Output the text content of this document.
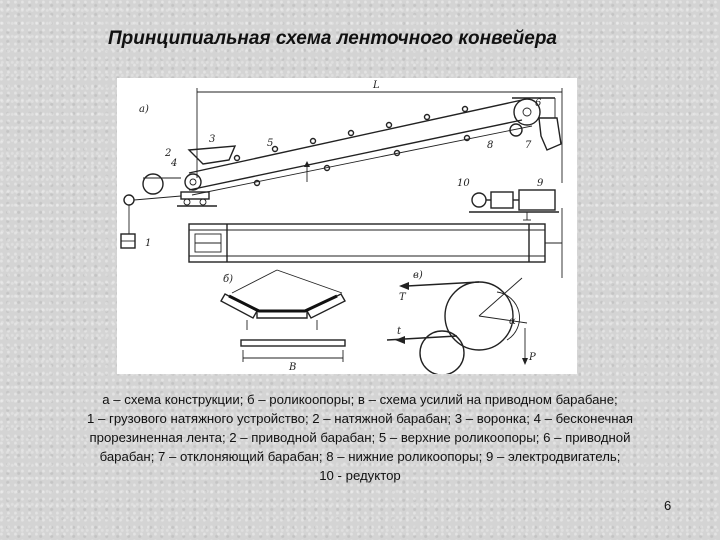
Принципиальная схема ленточного конвейера
а)
L
1
2
3
4
5
6
7
8
9
10
б)
B
в)
T
t
P
α
а – схема конструкции; б – роликоопоры; в – схема усилий на приводном барабане;
1 – грузового натяжного устройство; 2 – натяжной барабан; 3 – воронка; 4 – бесконечная
прорезиненная лента; 2 – приводной барабан; 5 – верхние роликоопоры; 6 – приводной
барабан; 7 – отклоняющий барабан; 8 – нижние роликоопоры; 9 – электродвигатель;
10 - редуктор
6
